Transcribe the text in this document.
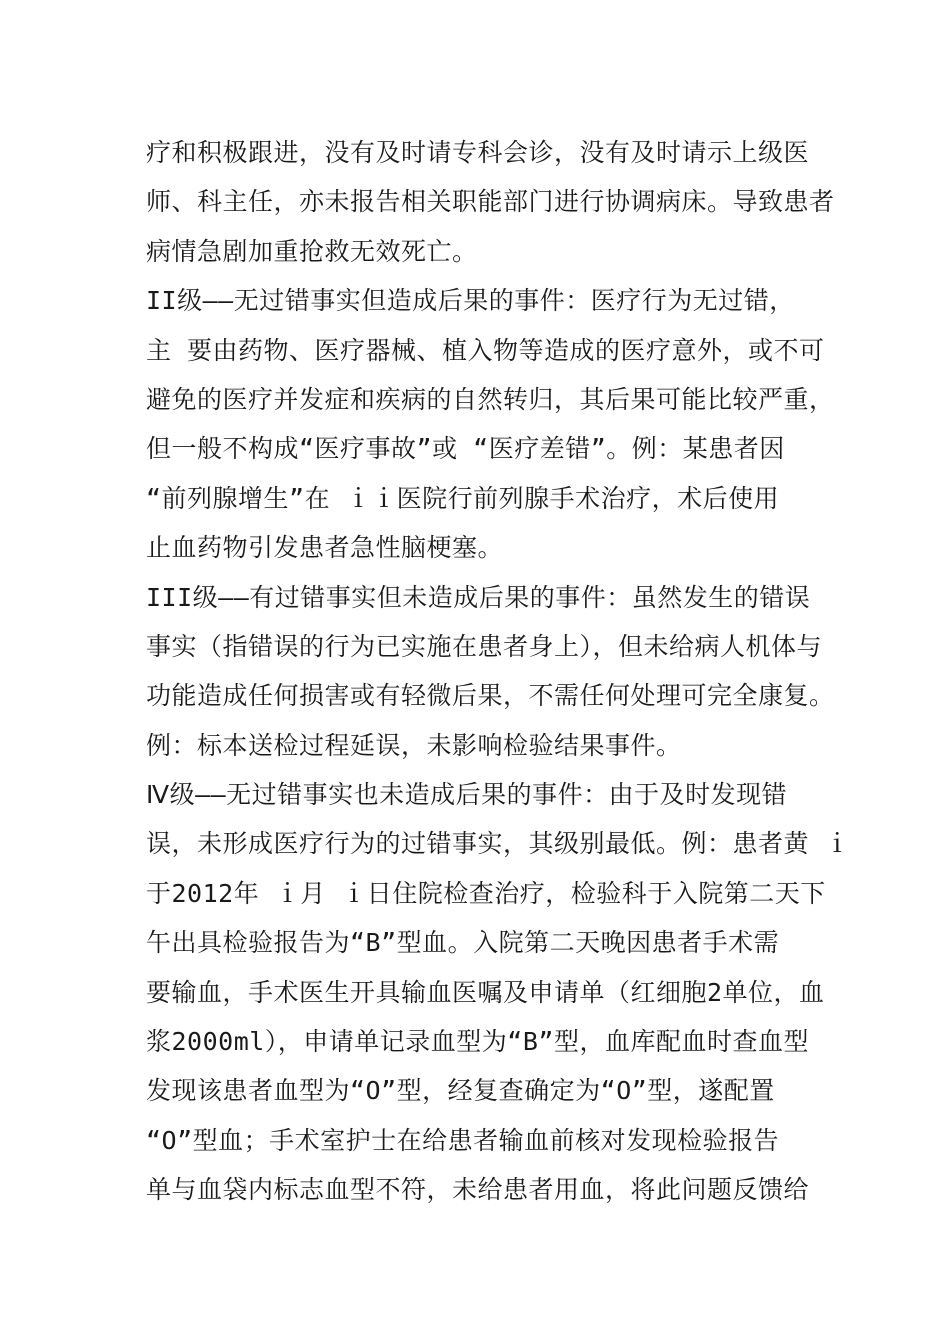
疗和积极跟进，没有及时请专科会诊，没有及时请示上级医
师、科主任，亦未报告相关职能部门进行协调病床。导致患者
病情急剧加重抢救无效死亡。
II级——无过错事实但造成后果的事件：医疗行为无过错，
主 要由药物、医疗器械、植入物等造成的医疗意外，或不可
避免的医疗并发症和疾病的自然转归，其后果可能比较严重，
但一般不构成“医疗事故”或 “医疗差错”。例：某患者因
“前列腺增生”在 ｉｉ医院行前列腺手术治疗，术后使用
止血药物引发患者急性脑梗塞。
III级——有过错事实但未造成后果的事件：虽然发生的错误
事实（指错误的行为已实施在患者身上），但未给病人机体与
功能造成任何损害或有轻微后果，不需任何处理可完全康复。
例：标本送检过程延误，未影响检验结果事件。
Ⅳ级——无过错事实也未造成后果的事件：由于及时发现错
误，未形成医疗行为的过错事实，其级别最低。例：患者黄 ｉ
于2012年 ｉ月 ｉ日住院检查治疗，检验科于入院第二天下
午出具检验报告为“B”型血。入院第二天晚因患者手术需
要输血，手术医生开具输血医嘱及申请单（红细胞2单位，血
浆2000ml），申请单记录血型为“B”型，血库配血时查血型
发现该患者血型为“O”型，经复查确定为“O”型，遂配置
“O”型血；手术室护士在给患者输血前核对发现检验报告
单与血袋内标志血型不符，未给患者用血，将此问题反馈给
